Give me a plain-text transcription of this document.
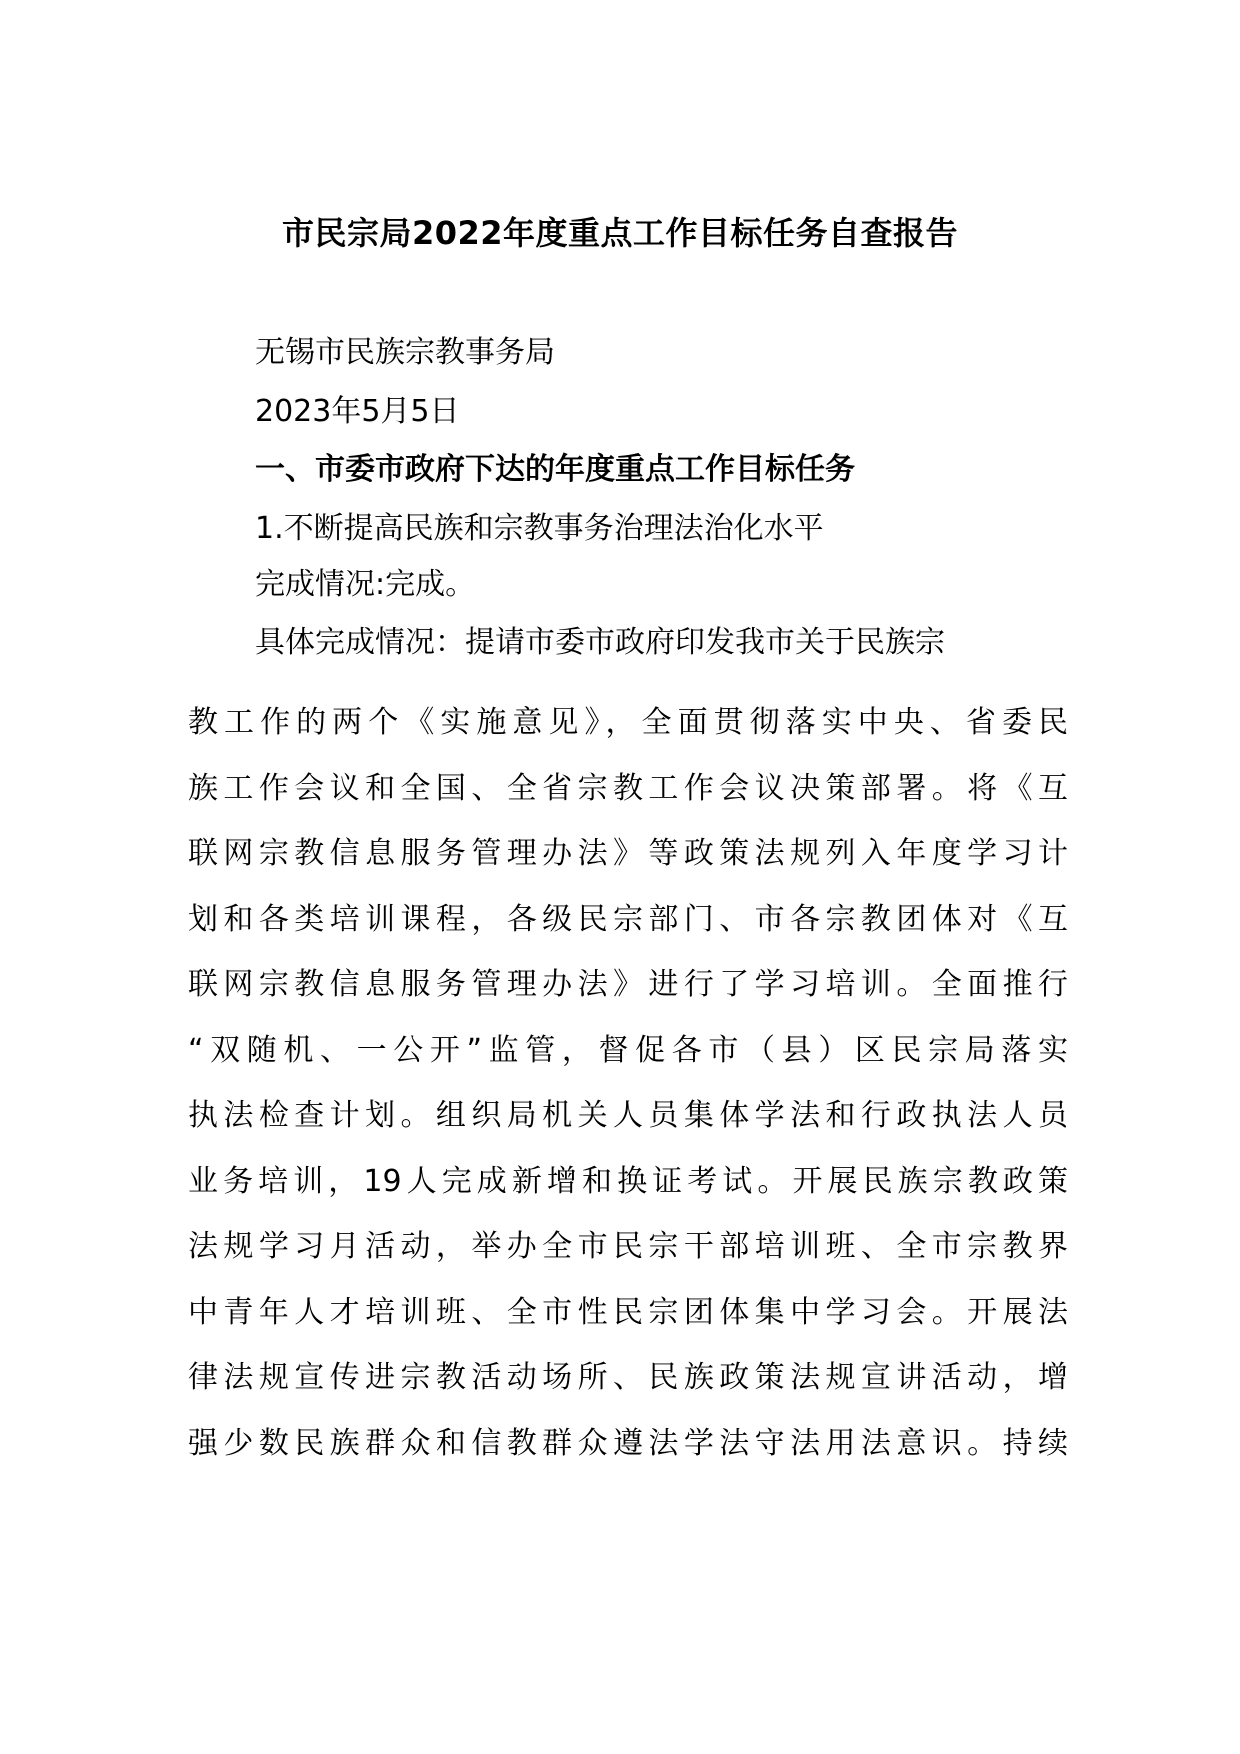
市民宗局2022年度重点工作目标任务自查报告
无锡市民族宗教事务局
2023年5月5日
一、市委市政府下达的年度重点工作目标任务
1.不断提高民族和宗教事务治理法治化水平
完成情况:完成。
具体完成情况：提请市委市政府印发我市关于民族宗
教工作的两个《实施意见》，全面贯彻落实中央、省委民
族工作会议和全国、全省宗教工作会议决策部署。将《互
联网宗教信息服务管理办法》等政策法规列入年度学习计
划和各类培训课程，各级民宗部门、市各宗教团体对《互
联网宗教信息服务管理办法》进行了学习培训。全面推行
“双随机、一公开”监管，督促各市（县）区民宗局落实
执法检查计划。组织局机关人员集体学法和行政执法人员
业务培训，19人完成新增和换证考试。开展民族宗教政策
法规学习月活动，举办全市民宗干部培训班、全市宗教界
中青年人才培训班、全市性民宗团体集中学习会。开展法
律法规宣传进宗教活动场所、民族政策法规宣讲活动，增
强少数民族群众和信教群众遵法学法守法用法意识。持续
